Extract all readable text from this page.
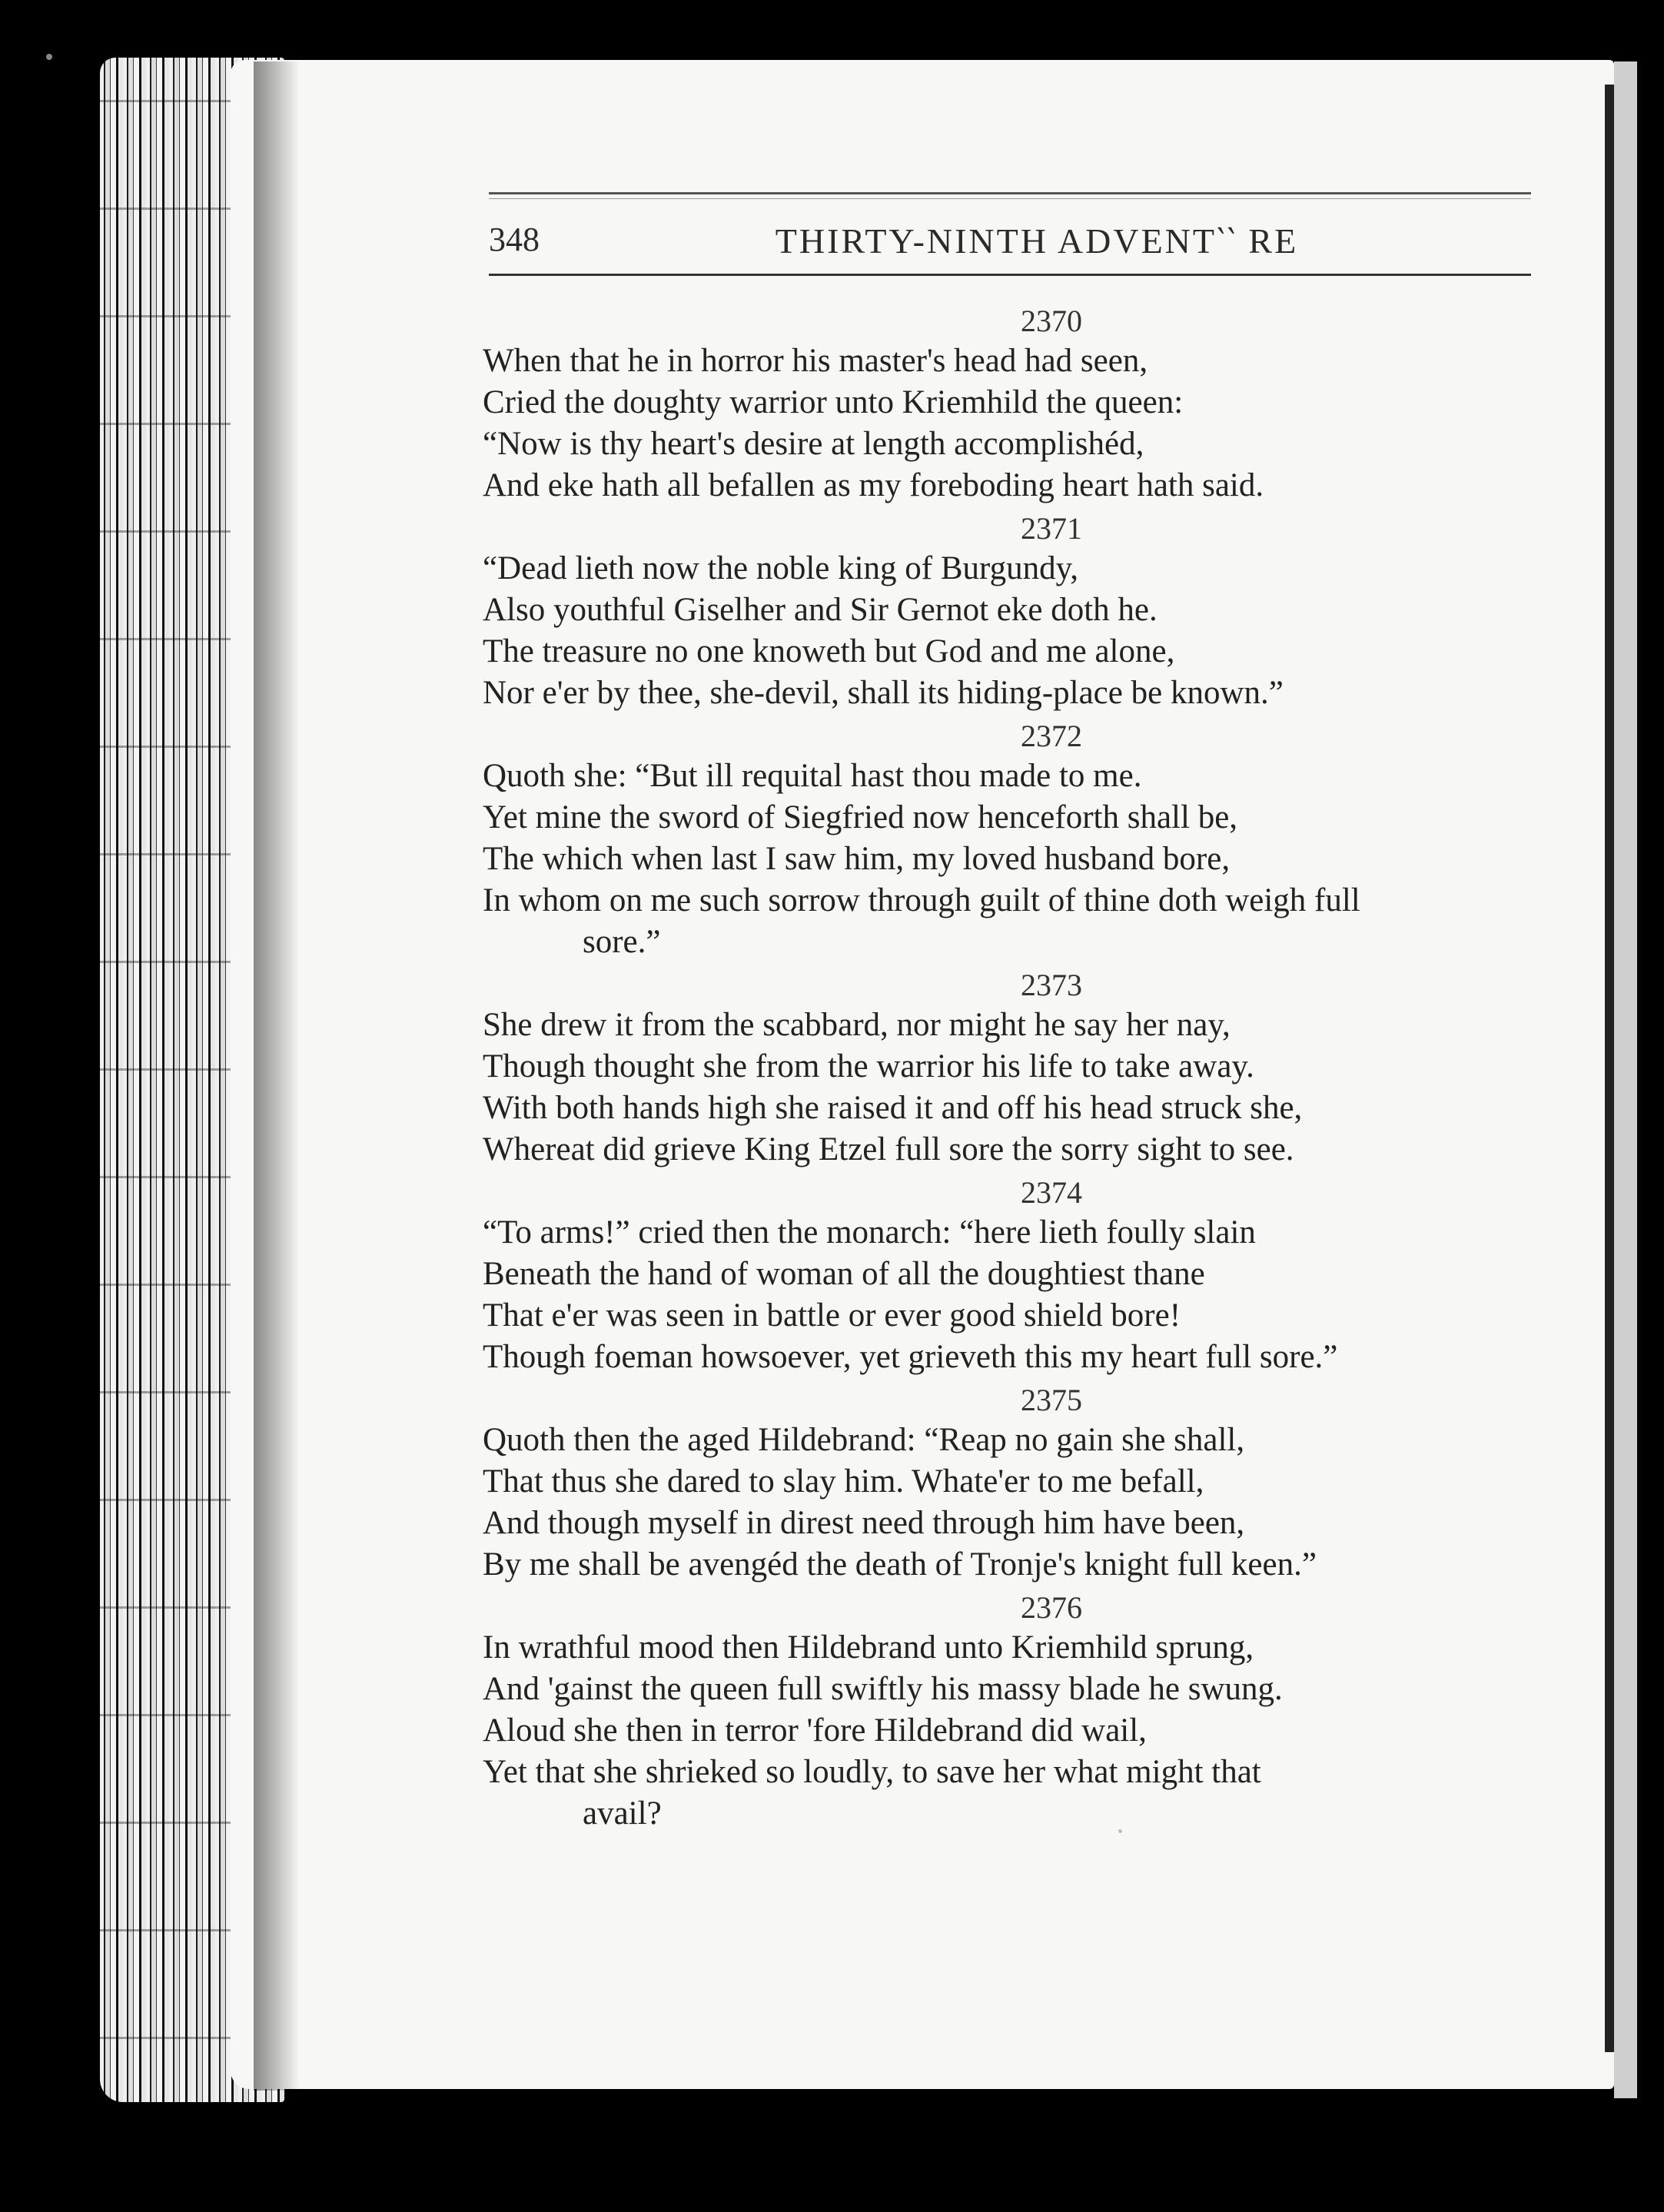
348	THIRTY-NINTH ADVENT‵‵ RE
2370
When that he in horror his master's head had seen,
Cried the doughty warrior unto Kriemhild the queen:
“Now is thy heart's desire at length accomplishéd,
And eke hath all befallen as my foreboding heart hath said.
2371
“Dead lieth now the noble king of Burgundy,
Also youthful Giselher and Sir Gernot eke doth he.
The treasure no one knoweth but God and me alone,
Nor e'er by thee, she-devil, shall its hiding-place be known.”
2372
Quoth she: “But ill requital hast thou made to me.
Yet mine the sword of Siegfried now henceforth shall be,
The which when last I saw him, my loved husband bore,
In whom on me such sorrow through guilt of thine doth weigh full
sore.”
2373
She drew it from the scabbard, nor might he say her nay,
Though thought she from the warrior his life to take away.
With both hands high she raised it and off his head struck she,
Whereat did grieve King Etzel full sore the sorry sight to see.
2374
“To arms!” cried then the monarch: “here lieth foully slain
Beneath the hand of woman of all the doughtiest thane
That e'er was seen in battle or ever good shield bore!
Though foeman howsoever, yet grieveth this my heart full sore.”
2375
Quoth then the aged Hildebrand: “Reap no gain she shall,
That thus she dared to slay him. Whate'er to me befall,
And though myself in direst need through him have been,
By me shall be avengéd the death of Tronje's knight full keen.”
2376
In wrathful mood then Hildebrand unto Kriemhild sprung,
And 'gainst the queen full swiftly his massy blade he swung.
Aloud she then in terror 'fore Hildebrand did wail,
Yet that she shrieked so loudly, to save her what might that
avail?
